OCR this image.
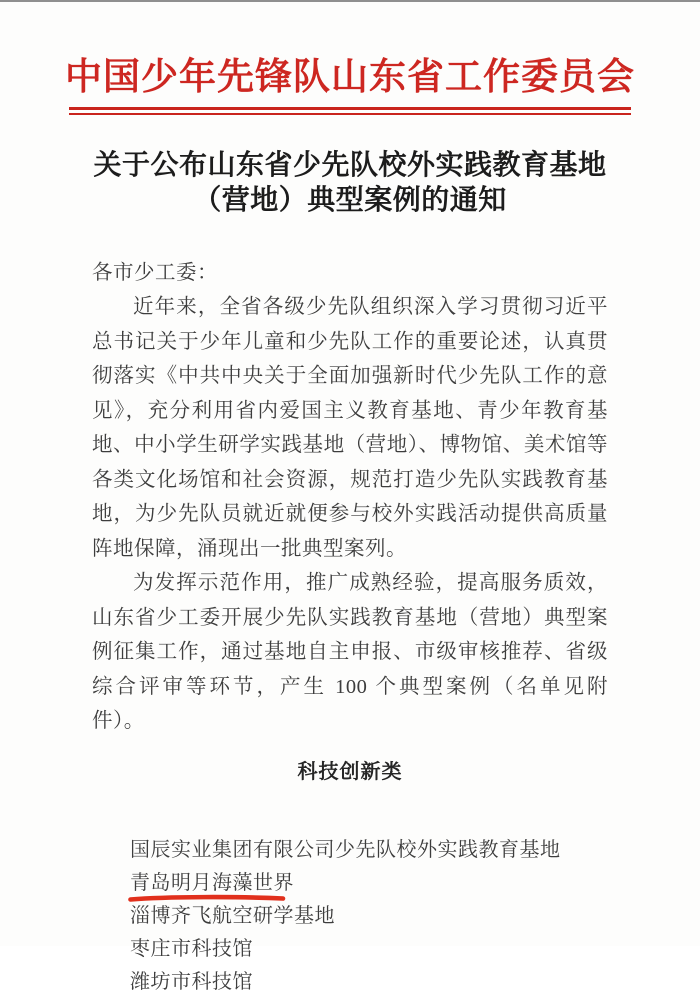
中国少年先锋队山东省工作委员会
关于公布山东省少先队校外实践教育基地
（营地）典型案例的通知

各市少工委：

近年来，全省各级少先队组织深入学习贯彻习近平总书记关于少年儿童和少先队工作的重要论述，认真贯彻落实《中共中央关于全面加强新时代少先队工作的意见》，充分利用省内爱国主义教育基地、青少年教育基地、中小学生研学实践基地（营地）、博物馆、美术馆等各类文化场馆和社会资源，规范打造少先队实践教育基地，为少先队员就近就便参与校外实践活动提供高质量阵地保障，涌现出一批典型案列。

为发挥示范作用，推广成熟经验，提高服务质效，山东省少工委开展少先队实践教育基地（营地）典型案例征集工作，通过基地自主申报、市级审核推荐、省级综合评审等环节，产生 100 个典型案例（名单见附件）。

科技创新类
国辰实业集团有限公司少先队校外实践教育基地
青岛明月海藻世界
淄博齐飞航空研学基地
枣庄市科技馆
潍坊市科技馆
